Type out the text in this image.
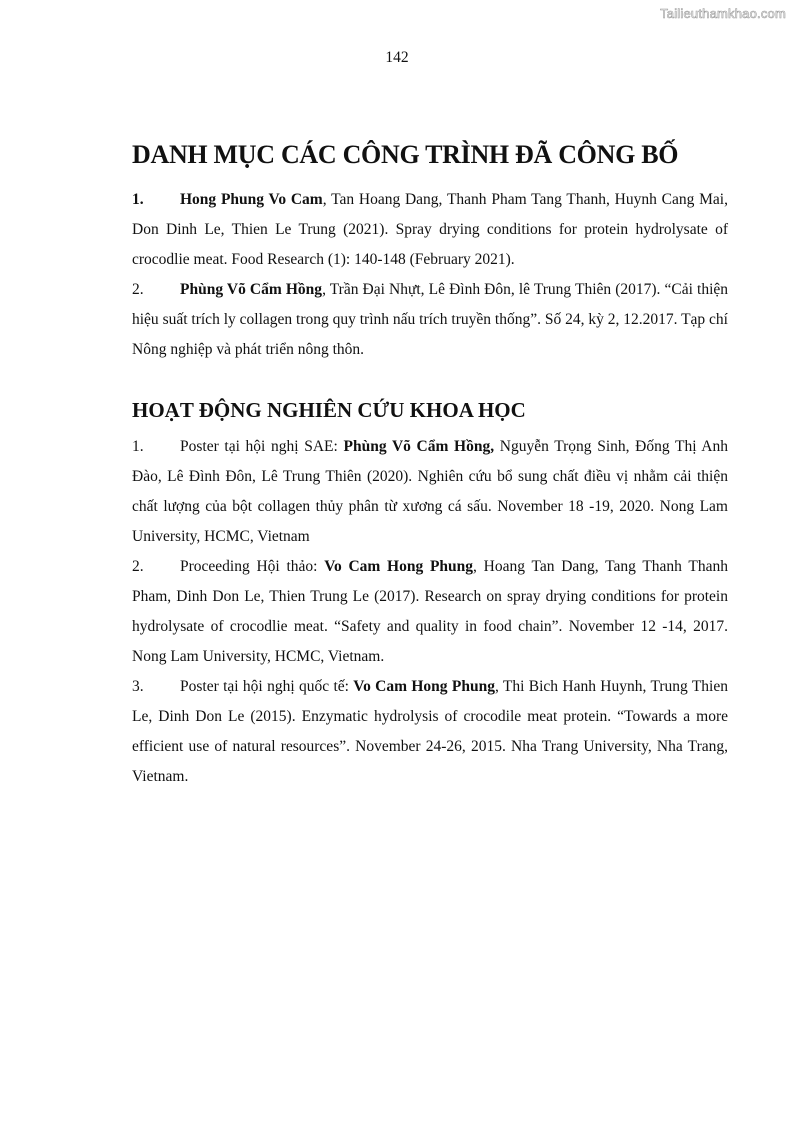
Tailieuthamkhao.com
142
DANH MỤC CÁC CÔNG TRÌNH ĐÃ CÔNG BỐ

1. Hong Phung Vo Cam, Tan Hoang Dang, Thanh Pham Tang Thanh, Huynh Cang Mai, Don Dinh Le, Thien Le Trung (2021). Spray drying conditions for protein hydrolysate of crocodlie meat. Food Research (1): 140-148 (February 2021).

2. Phùng Võ Cẩm Hồng, Trần Đại Nhựt, Lê Đình Đôn, lê Trung Thiên (2017). “Cải thiện hiệu suất trích ly collagen trong quy trình nấu trích truyền thống”. Số 24, kỳ 2, 12.2017. Tạp chí Nông nghiệp và phát triển nông thôn.

HOẠT ĐỘNG NGHIÊN CỨU KHOA HỌC

1. Poster tại hội nghị SAE: Phùng Võ Cẩm Hồng, Nguyễn Trọng Sinh, Đống Thị Anh Đào, Lê Đình Đôn, Lê Trung Thiên (2020). Nghiên cứu bổ sung chất điều vị nhằm cải thiện chất lượng của bột collagen thủy phân từ xương cá sấu. November 18 -19, 2020. Nong Lam University, HCMC, Vietnam

2. Proceeding Hội thảo: Vo Cam Hong Phung, Hoang Tan Dang, Tang Thanh Thanh Pham, Dinh Don Le, Thien Trung Le (2017). Research on spray drying conditions for protein hydrolysate of crocodlie meat. “Safety and quality in food chain”. November 12 -14, 2017. Nong Lam University, HCMC, Vietnam.

3. Poster tại hội nghị quốc tế: Vo Cam Hong Phung, Thi Bich Hanh Huynh, Trung Thien Le, Dinh Don Le (2015). Enzymatic hydrolysis of crocodile meat protein. “Towards a more efficient use of natural resources”. November 24-26, 2015. Nha Trang University, Nha Trang, Vietnam.
